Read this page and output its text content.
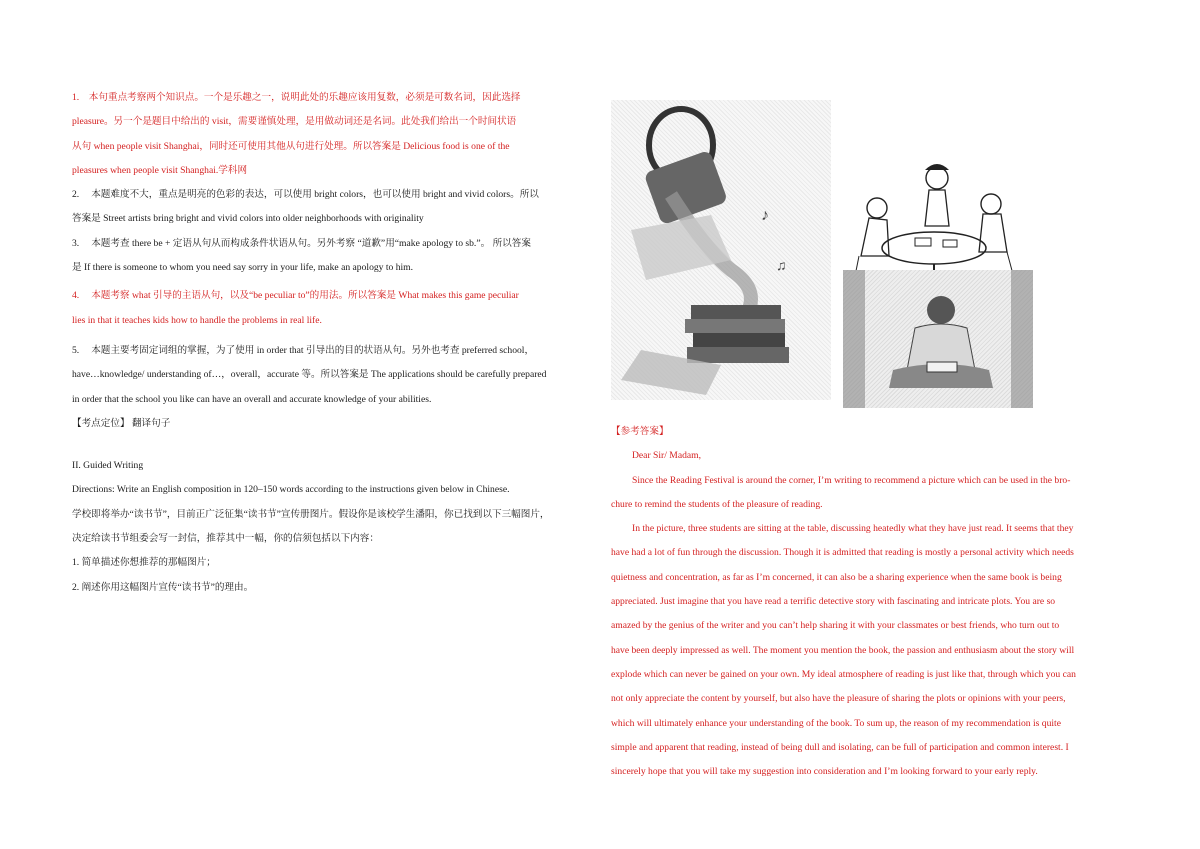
1. 本句重点考察两个知识点。一个是乐趣之一，说明此处的乐趣应该用复数，必须是可数名词，因此选择

pleasure。另一个是题目中给出的 visit，需要谨慎处理，是用做动词还是名词。此处我们给出一个时间状语

从句 when people visit Shanghai，同时还可使用其他从句进行处理。所以答案是 Delicious food is one of the

pleasures when people visit Shanghai.学科网

2. 本题难度不大，重点是明亮的色彩的表达，可以使用 bright colors，也可以使用 bright and vivid colors。所以

答案是 Street artists bring bright and vivid colors into older neighborhoods with originality

3. 本题考查 there be + 定语从句从而构成条件状语从句。另外考察 “道歉”用“make apology to sb.”。 所以答案

是 If there is someone to whom you need say sorry in your life, make an apology to him.

4. 本题考察 what 引导的主语从句，以及“be peculiar to”的用法。所以答案是 What makes this game peculiar

lies in that it teaches kids how to handle the problems in real life.

5. 本题主要考固定词组的掌握，为了使用 in order that 引导出的目的状语从句。另外也考查 preferred school，

have…knowledge/ understanding of…，overall，accurate 等。所以答案是 The applications should be carefully prepared

in order that the school you like can have an overall and accurate knowledge of your abilities.

【考点定位】 翻译句子

II. Guided Writing

Directions: Write an English composition in 120–150 words according to the instructions given below in Chinese.

学校即将举办“读书节”，目前正广泛征集“读书节”宣传册图片。假设你是该校学生潘阳，你已找到以下三幅图片，

决定给读书节组委会写一封信，推荐其中一幅，你的信须包括以下内容：

1. 简单描述你想推荐的那幅图片；

2. 阐述你用这幅图片宣传“读书节”的理由。

♪
♫

【参考答案】

Dear Sir/ Madam,

Since the Reading Festival is around the corner, I’m writing to recommend a picture which can be used in the bro-

chure to remind the students of the pleasure of reading.

In the picture, three students are sitting at the table, discussing heatedly what they have just read. It seems that they

have had a lot of fun through the discussion. Though it is admitted that reading is mostly a personal activity which needs

quietness and concentration, as far as I’m concerned, it can also be a sharing experience when the same book is being

appreciated. Just imagine that you have read a terrific detective story with fascinating and intricate plots. You are so

amazed by the genius of the writer and you can’t help sharing it with your classmates or best friends, who turn out to

have been deeply impressed as well. The moment you mention the book, the passion and enthusiasm about the story will

explode which can never be gained on your own. My ideal atmosphere of reading is just like that, through which you can

not only appreciate the content by yourself, but also have the pleasure of sharing the plots or opinions with your peers,

which will ultimately enhance your understanding of the book. To sum up, the reason of my recommendation is quite

simple and apparent that reading, instead of being dull and isolating, can be full of participation and common interest. I

sincerely hope that you will take my suggestion into consideration and I’m looking forward to your early reply.
